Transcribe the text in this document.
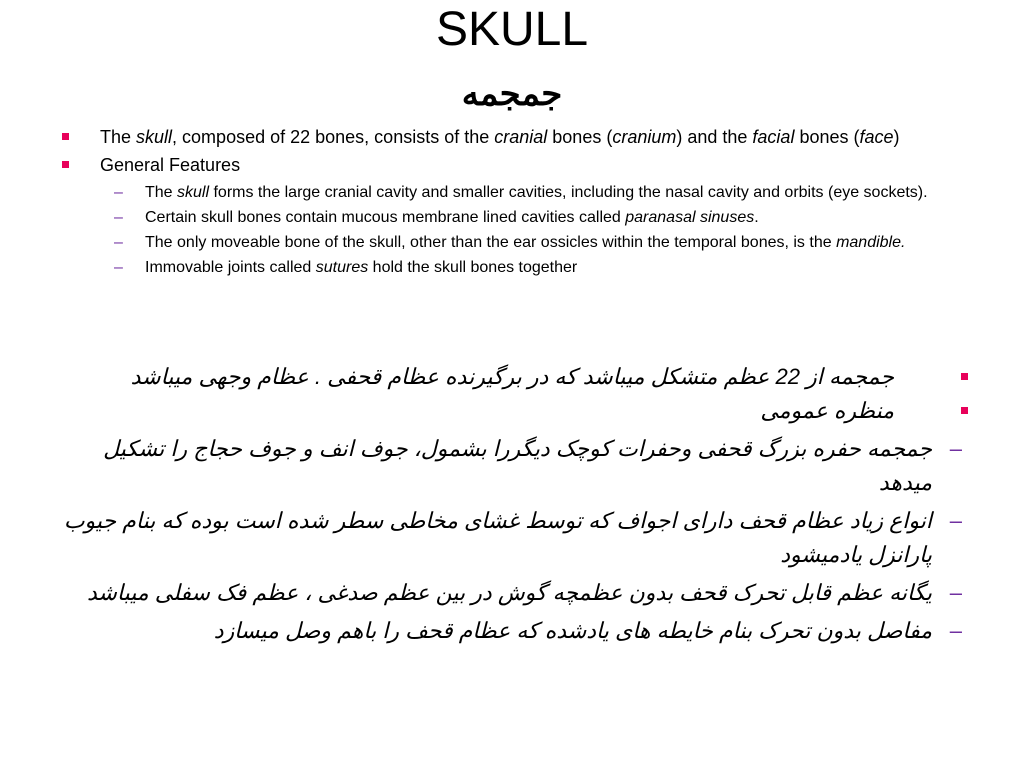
SKULL
جمجمه
The skull, composed of 22 bones, consists of the cranial bones (cranium) and the facial bones (face)
General Features
– The skull forms the large cranial cavity and smaller cavities, including the nasal cavity and orbits (eye sockets).
– Certain skull bones contain mucous membrane lined cavities called paranasal sinuses.
– The only moveable bone of the skull, other than the ear ossicles within the temporal bones, is the mandible.
– Immovable joints called sutures hold the skull bones together
جمجمه از 22 عظم متشکل میباشد که در برگیرنده عظام قحفی . عظام وجهی میباشد
منظره عمومی
–
جمجمه حفره بزرگ قحفی وحفرات کوچک دیگررا بشمول، جوف انف و جوف حجاج را تشکیل میدهد
–
انواع زیاد عظام قحف دارای اجواف که توسط غشای مخاطی سطر شده است بوده که بنام جیوب پارانزل یادمیشود
–
یگانه عظم قابل تحرک قحف بدون عظمچه گوش در بین عظم صدغی ، عظم فک سفلی میباشد
–
مفاصل بدون تحرک بنام خایطه های یادشده که عظام قحف را باهم وصل میسازد
